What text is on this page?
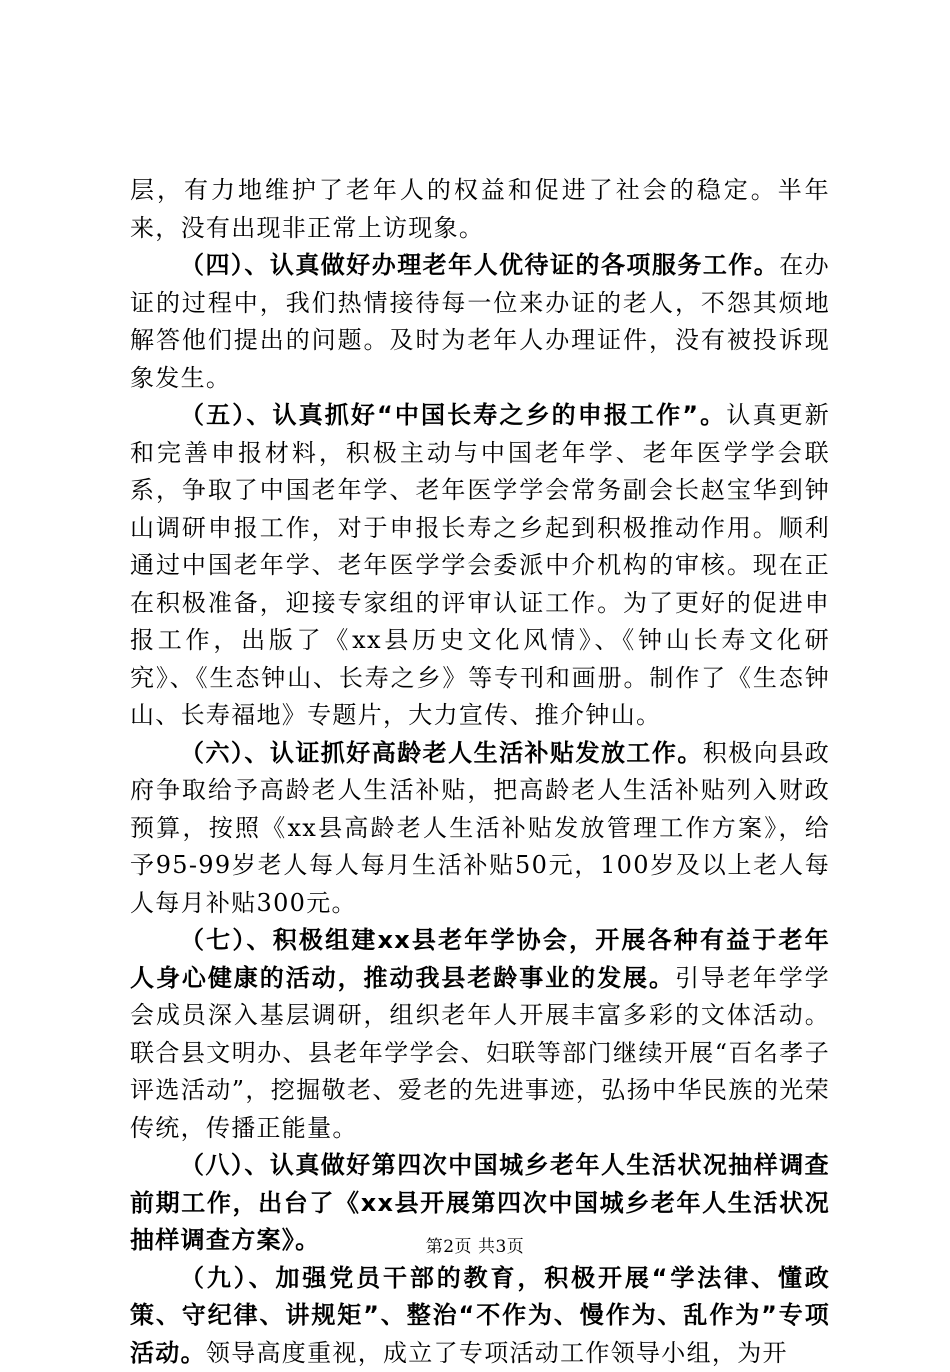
层，有力地维护了老年人的权益和促进了社会的稳定。半年来，没有出现非正常上访现象。

（四）、认真做好办理老年人优待证的各项服务工作。在办证的过程中，我们热情接待每一位来办证的老人，不怨其烦地解答他们提出的问题。及时为老年人办理证件，没有被投诉现象发生。

（五）、认真抓好“中国长寿之乡的申报工作”。认真更新和完善申报材料，积极主动与中国老年学、老年医学学会联系，争取了中国老年学、老年医学学会常务副会长赵宝华到钟山调研申报工作，对于申报长寿之乡起到积极推动作用。顺利通过中国老年学、老年医学学会委派中介机构的审核。现在正在积极准备，迎接专家组的评审认证工作。为了更好的促进申报工作，出版了《xx县历史文化风情》、《钟山长寿文化研究》、《生态钟山、长寿之乡》等专刊和画册。制作了《生态钟山、长寿福地》专题片，大力宣传、推介钟山。

（六）、认证抓好高龄老人生活补贴发放工作。积极向县政府争取给予高龄老人生活补贴，把高龄老人生活补贴列入财政预算，按照《xx县高龄老人生活补贴发放管理工作方案》，给予95-99岁老人每人每月生活补贴50元，100岁及以上老人每人每月补贴300元。

（七）、积极组建xx县老年学协会，开展各种有益于老年人身心健康的活动，推动我县老龄事业的发展。引导老年学学会成员深入基层调研，组织老年人开展丰富多彩的文体活动。联合县文明办、县老年学学会、妇联等部门继续开展“百名孝子评选活动”，挖掘敬老、爱老的先进事迹，弘扬中华民族的光荣传统，传播正能量。

（八）、认真做好第四次中国城乡老年人生活状况抽样调查前期工作，出台了《xx县开展第四次中国城乡老年人生活状况抽样调查方案》。

（九）、加强党员干部的教育，积极开展“学法律、懂政策、守纪律、讲规矩”、整治“不作为、慢作为、乱作为”专项活动。领导高度重视，成立了专项活动工作领导小组，为开

第2页 共3页
